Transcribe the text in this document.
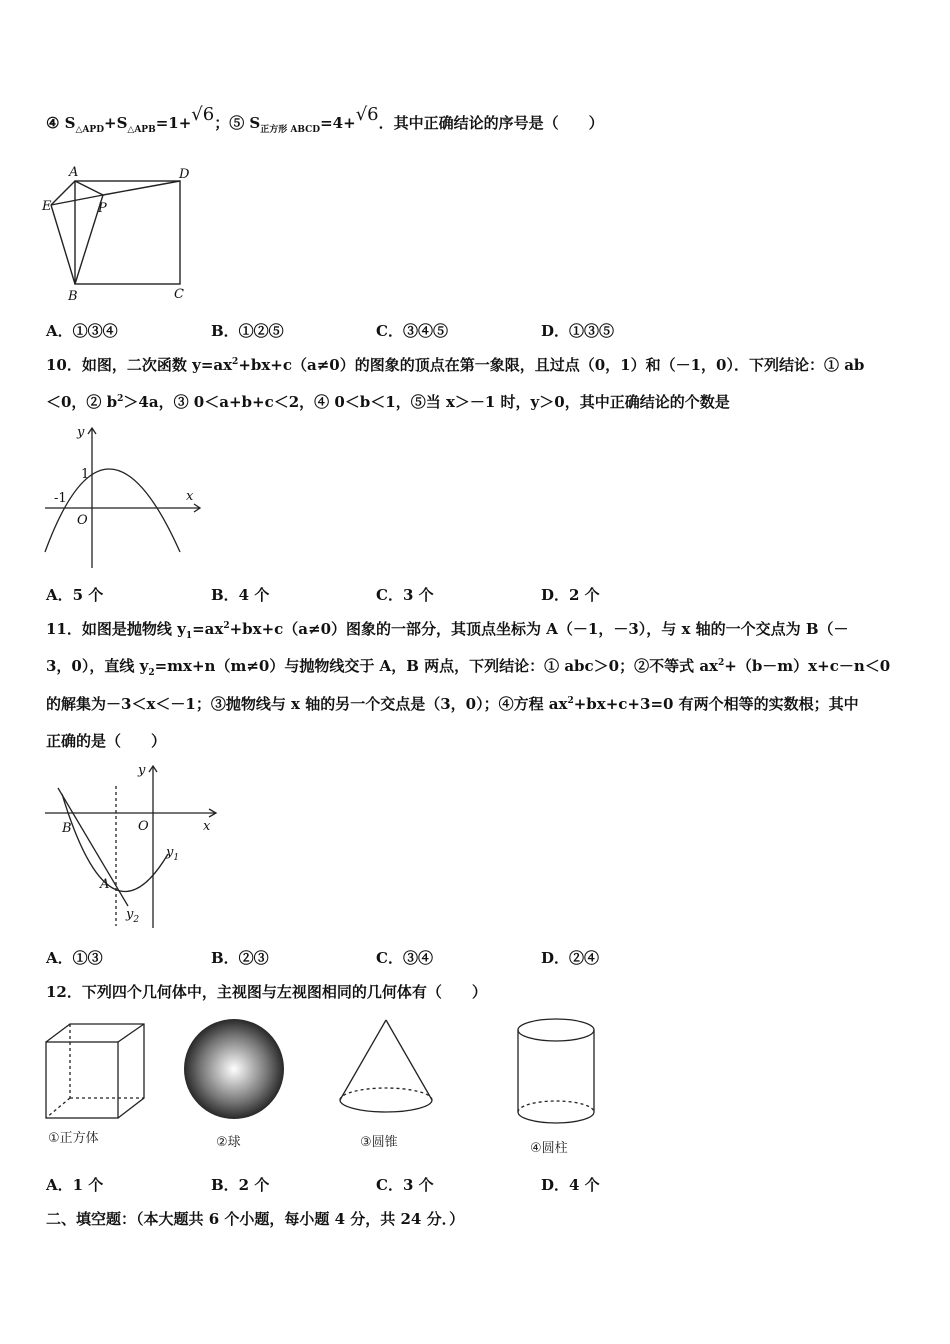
④ $S_{\triangle APD}+S_{\triangle APB}=1+√6$；⑤ $S_{正方形 ABCD}=4+√6$．其中正确结论的序号是（　　）
A	D
E	P
B	C
A．①③④	B．①②⑤	C．③④⑤	D．①③⑤
10．如图，二次函数 $y=ax^2+bx+c(a\ne 0)$的图象的顶点在第一象限，且过点（0，1）和（－1，0）．下列结论：① ab
＜0，② $b^2>4a$，③ 0＜a+b+c＜2，④ 0＜b＜1，⑤当 x＞－1 时，y＞0，其中正确结论的个数是
y
x
1
-1
O
A．5 个	B．4 个	C．3 个	D．2 个
11．如图是抛物线 $y_1=ax^2+bx+c(a\ne 0)$图象的一部分，其顶点坐标为 A（－1，－3），与 x 轴的一个交点为 B（－
3，0），直线 $y_2=mx+n(m\ne 0)$与抛物线交于 A，B 两点，下列结论：① abc＞0；②不等式 $ax^2+(b-m)x+c-n<0$
的解集为－3＜x＜－1；③抛物线与 x 轴的另一个交点是（3，0）；④方程 $ax^2+bx+c+3=0$ 有两个相等的实数根；其中
正确的是（　　）
y
x
B	O
A
$y_1$
$y_2$
A．①③	B．②③	C．③④	D．②④
12．下列四个几何体中，主视图与左视图相同的几何体有（　　）
①正方体	②球	③圆锥	④圆柱
A．1 个	B．2 个	C．3 个	D．4 个
二、填空题：（本大题共 6 个小题，每小题 4 分，共 24 分．）
